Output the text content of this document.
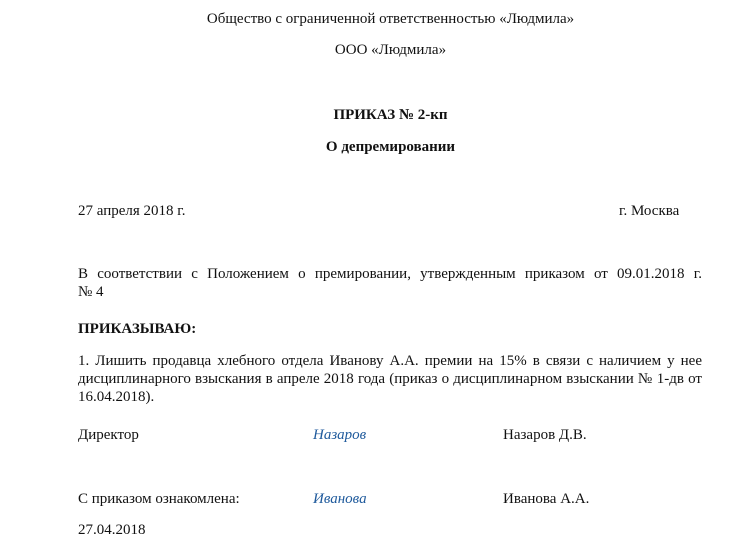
Общество с ограниченной ответственностью «Людмила»
ООО «Людмила»
ПРИКАЗ № 2-кп
О депремировании
27 апреля 2018 г.	г. Москва
В соответствии с Положением о премировании, утвержденным приказом от 09.01.2018 г.
№ 4
ПРИКАЗЫВАЮ:
1. Лишить продавца хлебного отдела Иванову А.А. премии на 15% в связи с наличием у нее дисциплинарного взыскания в апреле 2018 года (приказ о дисциплинарном взыскании № 1-дв от 16.04.2018).
Директор	Назаров	Назаров Д.В.
С приказом ознакомлена:	Иванова	Иванова А.А.
27.04.2018
